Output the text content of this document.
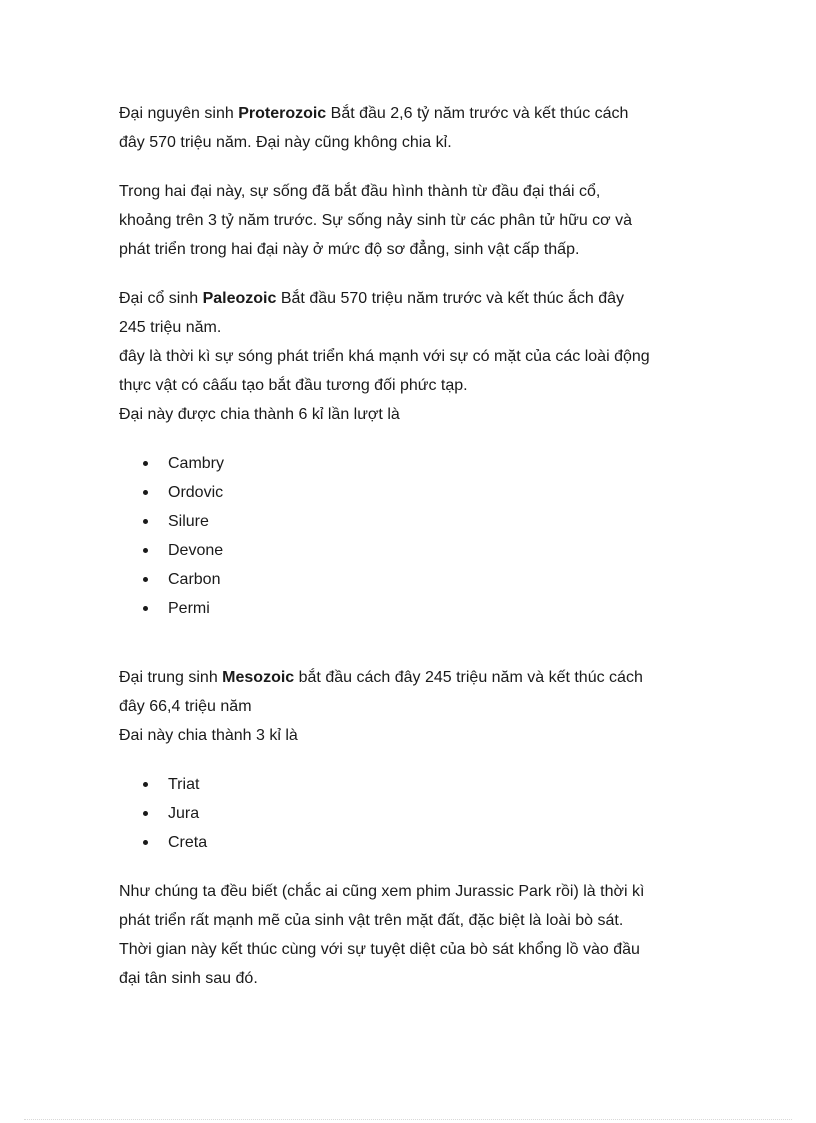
Đại nguyên sinh Proterozoic Bắt đầu 2,6 tỷ năm trước và kết thúc cách
đây 570 triệu năm. Đại này cũng không chia kỉ.

Trong hai đại này, sự sống đã bắt đầu hình thành từ đầu đại thái cổ,
khoảng trên 3 tỷ năm trước. Sự sống nảy sinh từ các phân tử hữu cơ và
phát triển trong hai đại này ở mức độ sơ đẳng, sinh vật cấp thấp.

Đại cổ sinh Paleozoic Bắt đầu 570 triệu năm trước và kết thúc ắch đây
245 triệu năm.
đây là thời kì sự sóng phát triển khá mạnh với sự có mặt của các loài động
thực vật có câấu tạo bắt đầu tương đối phức tạp.
Đại này được chia thành 6 kỉ lần lượt là

Cambry
Ordovic
Silure
Devone
Carbon
Permi

Đại trung sinh Mesozoic bắt đầu cách đây 245 triệu năm và kết thúc cách
đây 66,4 triệu năm
Đai này chia thành 3 kỉ là

Triat
Jura
Creta

Như chúng ta đều biết (chắc ai cũng xem phim Jurassic Park rồi) là thời kì
phát triển rất mạnh mẽ của sinh vật trên mặt đất, đặc biệt là loài bò sát.
Thời gian này kết thúc cùng với sự tuyệt diệt của bò sát khổng lồ vào đầu
đại tân sinh sau đó.
